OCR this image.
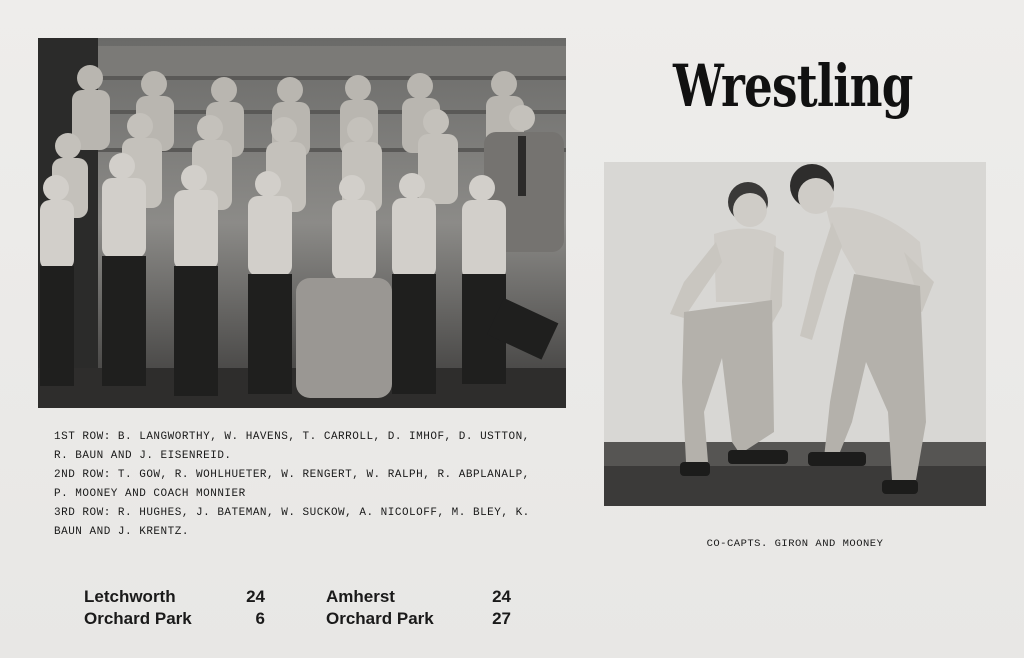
Wrestling
1ST ROW: B. LANGWORTHY, W. HAVENS, T. CARROLL, D. IMHOF, D. USTTON,
R. BAUN AND J. EISENREID.
2ND ROW: T. GOW, R. WOHLHUETER, W. RENGERT, W. RALPH, R. ABPLANALP,
P. MOONEY AND COACH MONNIER
3RD ROW: R. HUGHES, J. BATEMAN, W. SUCKOW, A. NICOLOFF, M. BLEY, K.
BAUN AND J. KRENTZ.
CO-CAPTS. GIRON AND MOONEY
Letchworth	24
Orchard Park	6
Amherst	24
Orchard Park	27
